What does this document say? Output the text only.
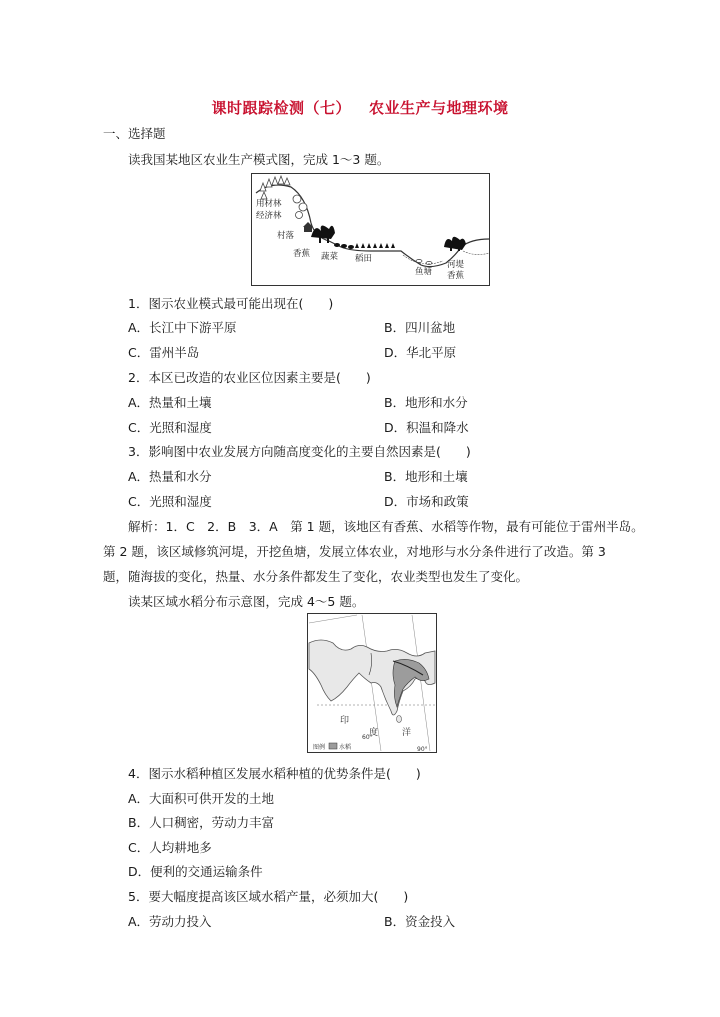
课时跟踪检测（七） 农业生产与地理环境
一、选择题
读我国某地区农业生产模式图，完成 1～3 题。
用材林
经济林
村落
香蕉 蔬菜 稻田
鱼塘
河堤
香蕉
1．图示农业模式最可能出现在(　　)
A．长江中下游平原	B．四川盆地
C．雷州半岛	D．华北平原
2．本区已改造的农业区位因素主要是(　　)
A．热量和土壤	B．地形和水分
C．光照和湿度	D．积温和降水
3．影响图中农业发展方向随高度变化的主要自然因素是(　　)
A．热量和水分	B．地形和土壤
C．光照和湿度	D．市场和政策
解析：1．C　2．B　3．A　第 1 题，该地区有香蕉、水稻等作物，最有可能位于雷州半岛。
第 2 题，该区域修筑河堤，开挖鱼塘，发展立体农业，对地形与水分条件进行了改造。第 3
题，随海拔的变化，热量、水分条件都发生了变化，农业类型也发生了变化。
读某区域水稻分布示意图，完成 4～5 题。
印
度	洋
60°
90°
图例 水稻
4．图示水稻种植区发展水稻种植的优势条件是(　　)
A．大面积可供开发的土地
B．人口稠密，劳动力丰富
C．人均耕地多
D．便利的交通运输条件
5．要大幅度提高该区域水稻产量，必须加大(　　)
A．劳动力投入	B．资金投入
